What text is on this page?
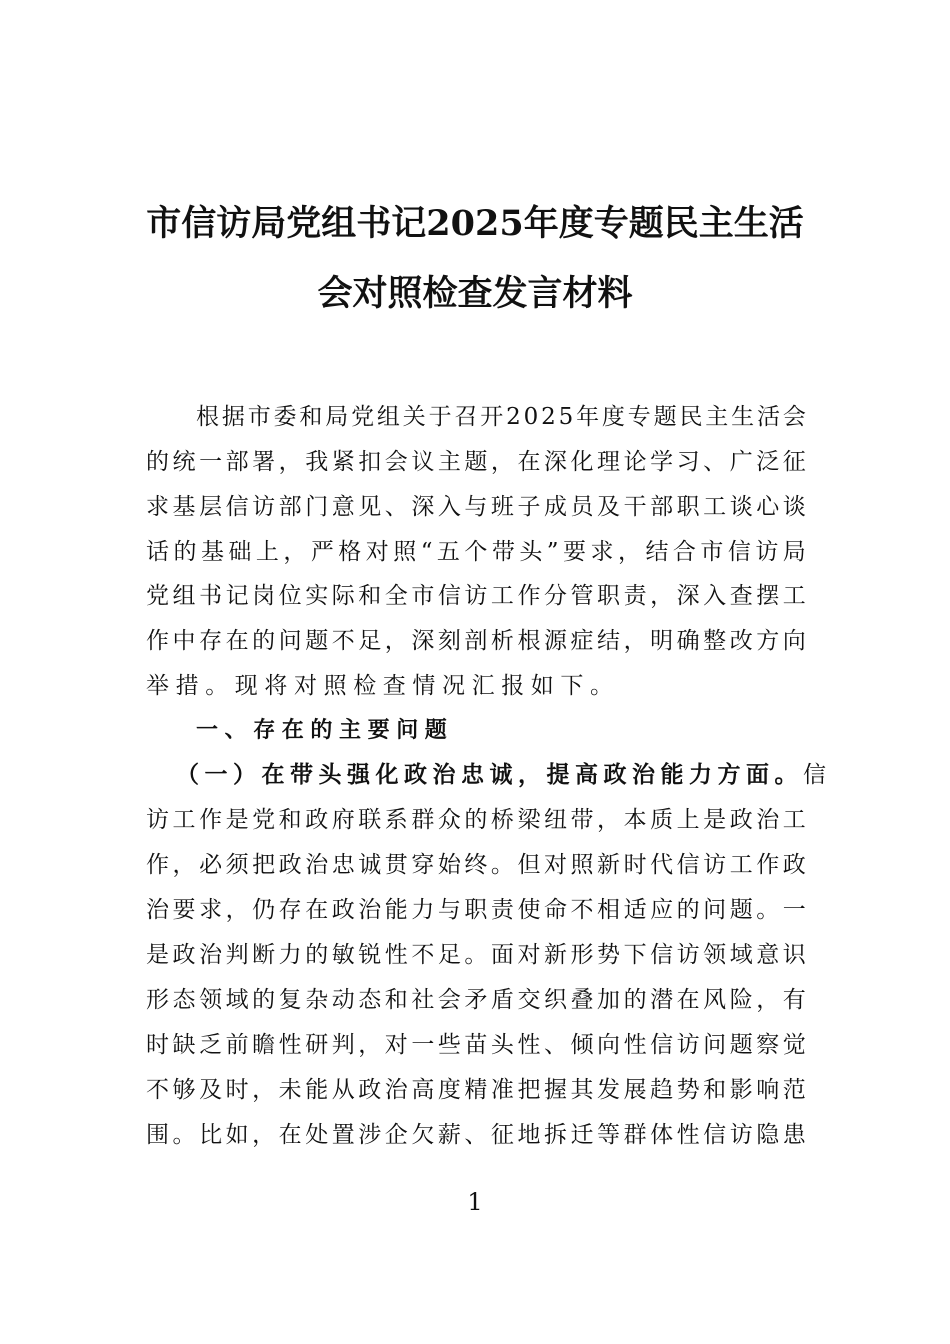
市信访局党组书记2025年度专题民主生活
会对照检查发言材料
根 据 市 委 和 局 党 组 关 于 召 开 2 0 2 5 年 度 专 题 民 主 生 活 会
的 统 一 部 署 ， 我 紧 扣 会 议 主 题 ， 在 深 化 理 论 学 习 、 广 泛 征
求 基 层 信 访 部 门 意 见 、 深 入 与 班 子 成 员 及 干 部 职 工 谈 心 谈
话 的 基 础 上 ， 严 格 对 照 “ 五 个 带 头 ” 要 求 ， 结 合 市 信 访 局
党 组 书 记 岗 位 实 际 和 全 市 信 访 工 作 分 管 职 责 ， 深 入 查 摆 工
作 中 存 在 的 问 题 不 足 ， 深 刻 剖 析 根 源 症 结 ， 明 确 整 改 方 向
举措。现将对照检查情况汇报如下。
一、存在的主要问题
（一）在带头强化政治忠诚，提高政治能力方面。 信
访 工 作 是 党 和 政 府 联 系 群 众 的 桥 梁 纽 带 ， 本 质 上 是 政 治 工
作 ， 必 须 把 政 治 忠 诚 贯 穿 始 终 。 但 对 照 新 时 代 信 访 工 作 政
治 要 求 ， 仍 存 在 政 治 能 力 与 职 责 使 命 不 相 适 应 的 问 题 。 一
是 政 治 判 断 力 的 敏 锐 性 不 足 。 面 对 新 形 势 下 信 访 领 域 意 识
形 态 领 域 的 复 杂 动 态 和 社 会 矛 盾 交 织 叠 加 的 潜 在 风 险 ， 有
时 缺 乏 前 瞻 性 研 判 ， 对 一 些 苗 头 性 、 倾 向 性 信 访 问 题 察 觉
不 够 及 时 ， 未 能 从 政 治 高 度 精 准 把 握 其 发 展 趋 势 和 影 响 范
围 。 比 如 ， 在 处 置 涉 企 欠 薪 、 征 地 拆 迁 等 群 体 性 信 访 隐 患
1
